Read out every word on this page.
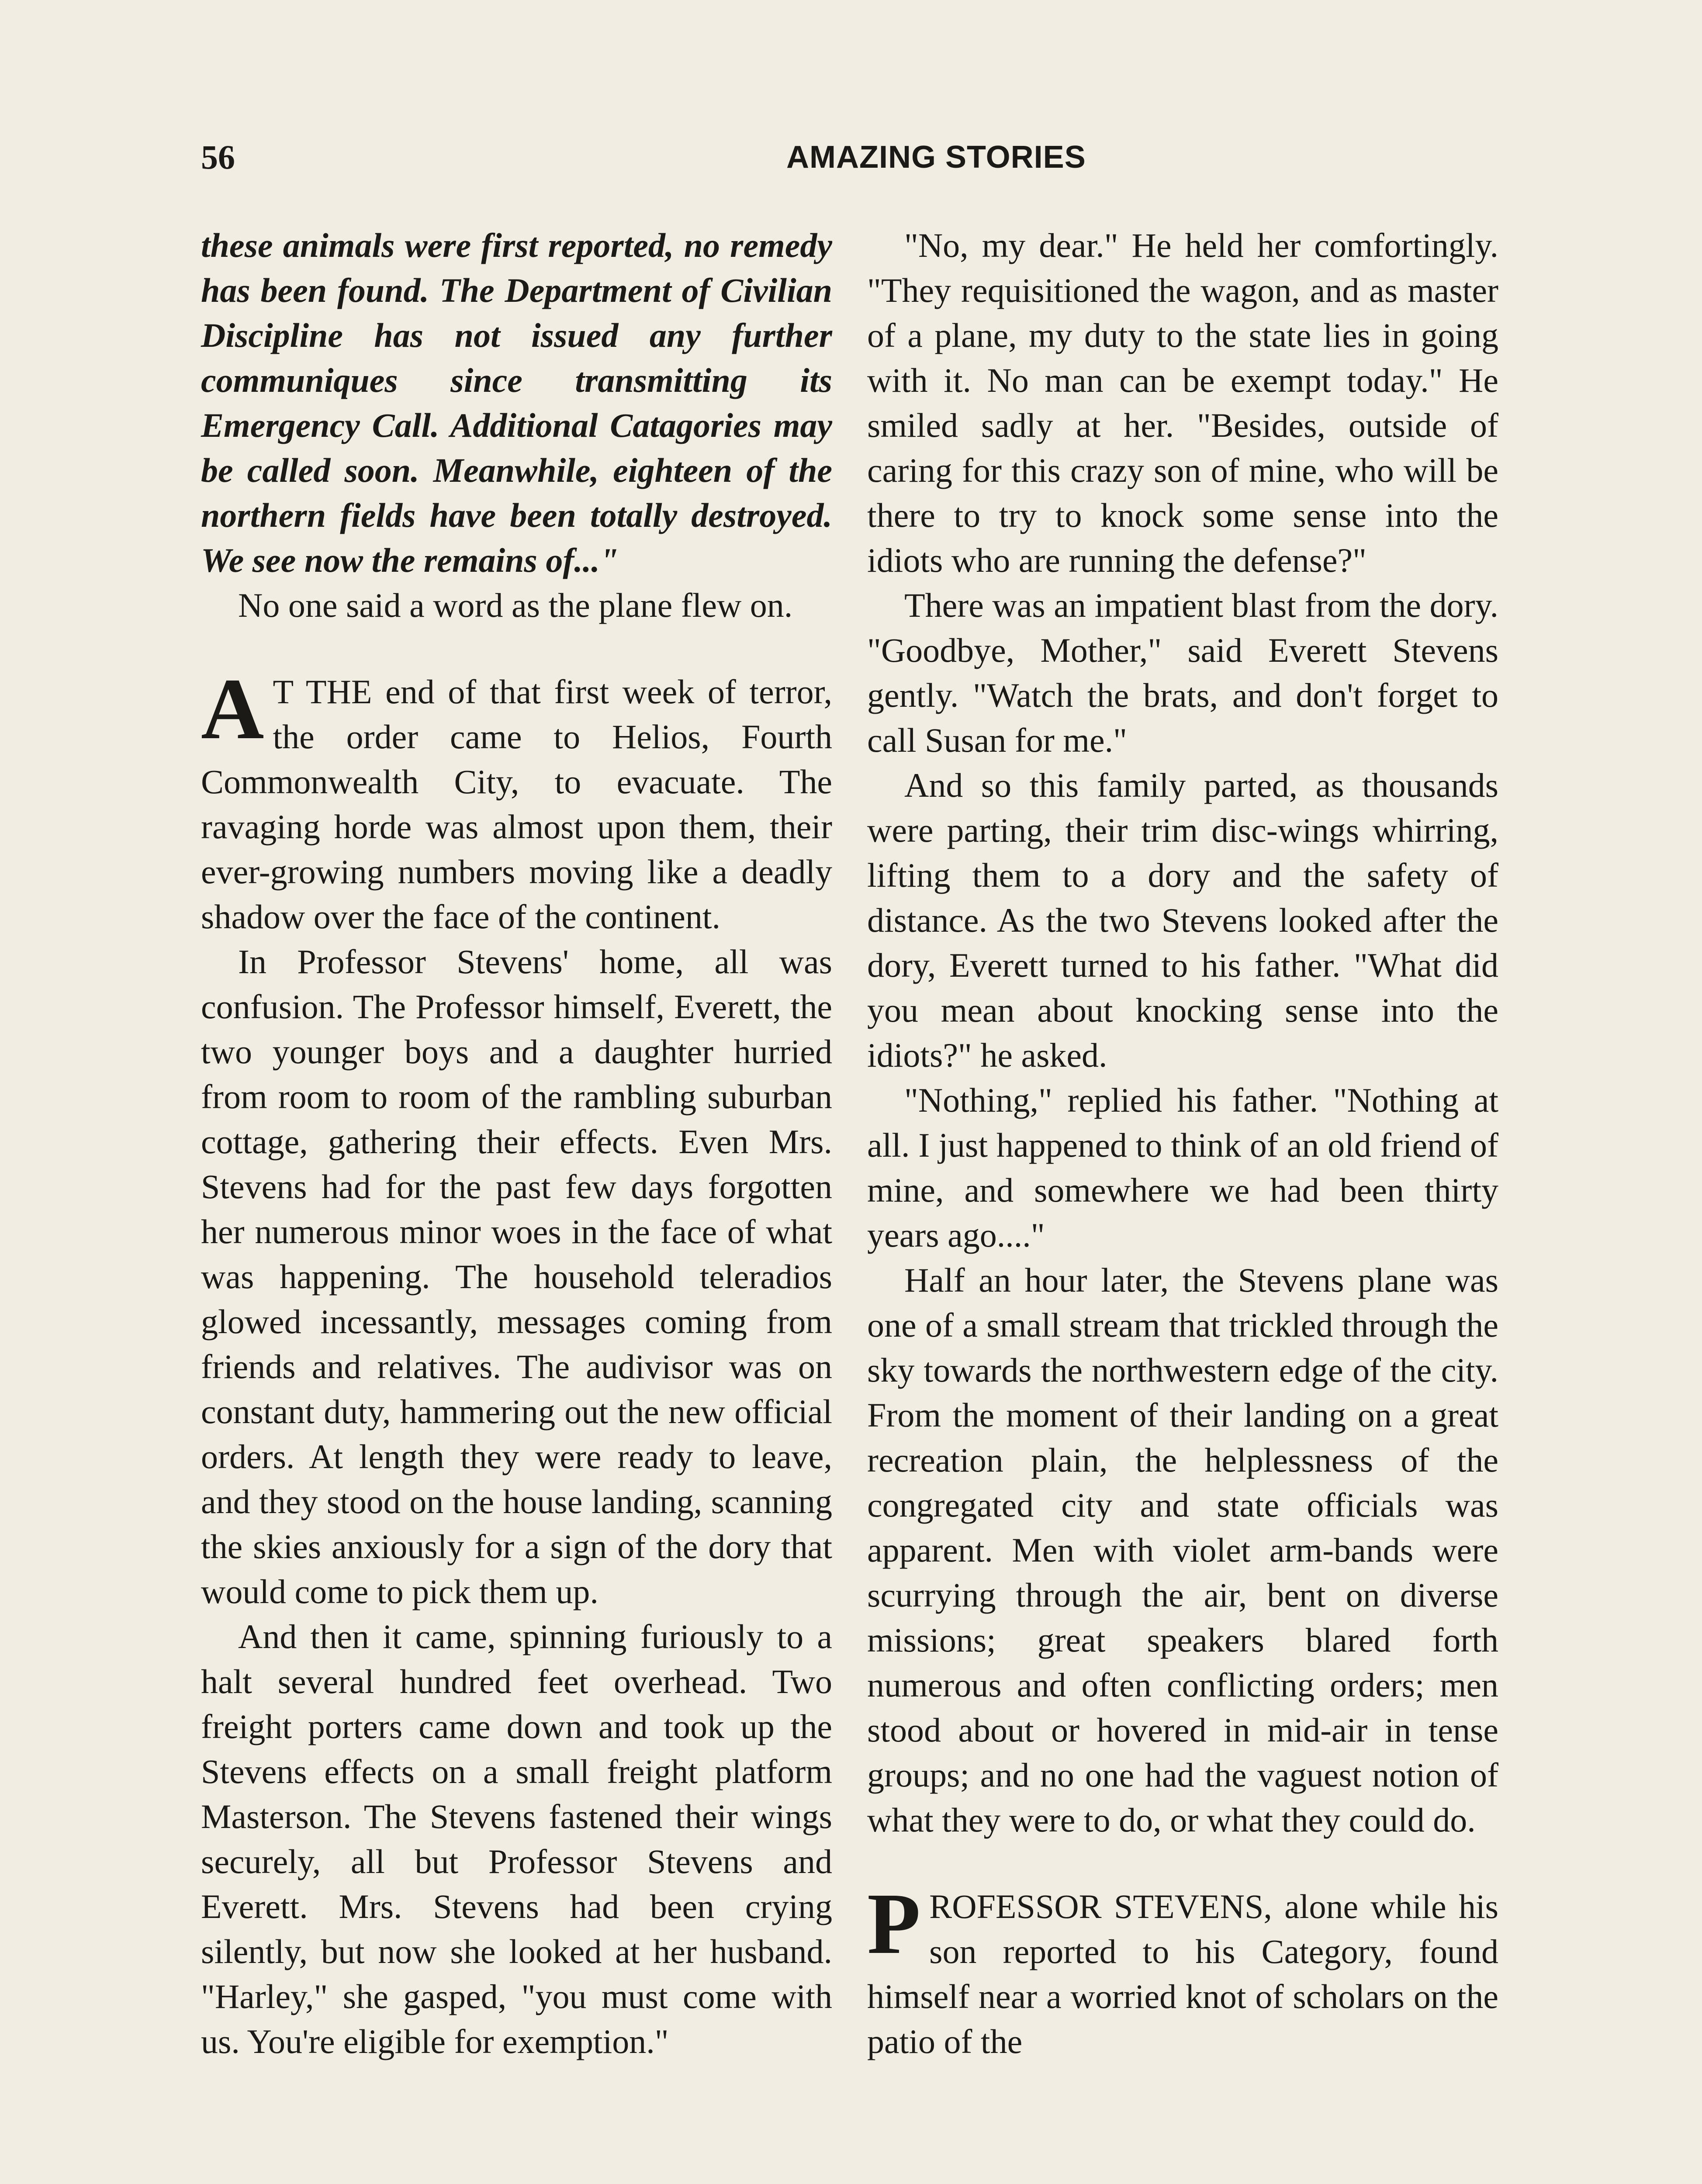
56	AMAZING STORIES

these animals were first reported, no remedy has been found. The Department of Civilian Discipline has not issued any further communiques since transmitting its Emergency Call. Additional Catagories may be called soon. Meanwhile, eighteen of the northern fields have been totally destroyed. We see now the remains of..."

No one said a word as the plane flew on.

A T THE end of that first week of terror, the order came to Helios, Fourth Commonwealth City, to evacuate. The ravaging horde was almost upon them, their ever-growing numbers moving like a deadly shadow over the face of the continent.

In Professor Stevens' home, all was confusion. The Professor himself, Everett, the two younger boys and a daughter hurried from room to room of the rambling suburban cottage, gathering their effects. Even Mrs. Stevens had for the past few days forgotten her numerous minor woes in the face of what was happening. The household teleradios glowed incessantly, messages coming from friends and relatives. The audivisor was on constant duty, hammering out the new official orders. At length they were ready to leave, and they stood on the house landing, scanning the skies anxiously for a sign of the dory that would come to pick them up.

And then it came, spinning furiously to a halt several hundred feet overhead. Two freight porters came down and took up the Stevens effects on a small freight platform Masterson. The Stevens fastened their wings securely, all but Professor Stevens and Everett. Mrs. Stevens had been crying silently, but now she looked at her husband. "Harley," she gasped, "you must come with us. You're eligible for exemption."

"No, my dear." He held her comfortingly. "They requisitioned the wagon, and as master of a plane, my duty to the state lies in going with it. No man can be exempt today." He smiled sadly at her. "Besides, outside of caring for this crazy son of mine, who will be there to try to knock some sense into the idiots who are running the defense?"

There was an impatient blast from the dory. "Goodbye, Mother," said Everett Stevens gently. "Watch the brats, and don't forget to call Susan for me."

And so this family parted, as thousands were parting, their trim disc-wings whirring, lifting them to a dory and the safety of distance. As the two Stevens looked after the dory, Everett turned to his father. "What did you mean about knocking sense into the idiots?" he asked.

"Nothing," replied his father. "Nothing at all. I just happened to think of an old friend of mine, and somewhere we had been thirty years ago...."

Half an hour later, the Stevens plane was one of a small stream that trickled through the sky towards the northwestern edge of the city. From the moment of their landing on a great recreation plain, the helplessness of the congregated city and state officials was apparent. Men with violet arm-bands were scurrying through the air, bent on diverse missions; great speakers blared forth numerous and often conflicting orders; men stood about or hovered in mid-air in tense groups; and no one had the vaguest notion of what they were to do, or what they could do.

PROFESSOR STEVENS, alone while his son reported to his Category, found himself near a worried knot of scholars on the patio of the
